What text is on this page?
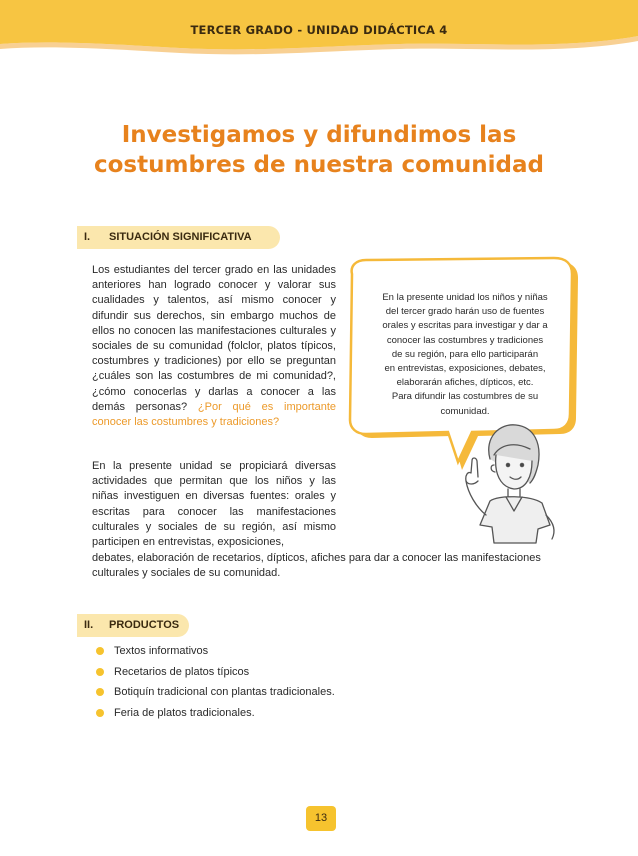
TERCER GRADO - UNIDAD DIDÁCTICA 4
Investigamos y difundimos las
costumbres de nuestra comunidad
I. SITUACIÓN SIGNIFICATIVA
Los estudiantes del tercer grado en las unidades anteriores han logrado conocer y valorar sus cualidades y talentos, así mismo conocer y difundir sus derechos, sin embargo muchos de ellos no conocen las manifestaciones culturales y sociales de su comunidad (folclor, platos típicos, costumbres y tradiciones) por ello se preguntan ¿cuáles son las costumbres de mi comunidad?, ¿cómo conocerlas y darlas a conocer a las demás personas? ¿Por qué es importante conocer las costumbres y tradiciones?
En la presente unidad se propiciará diversas actividades que permitan que los niños y las niñas investiguen en diversas fuentes: orales y escritas para conocer las manifestaciones culturales y sociales de su región, así mismo participen en entrevistas, exposiciones,
debates, elaboración de recetarios, dípticos, afiches para dar a conocer las manifestaciones culturales y sociales de su comunidad.
En la presente unidad los niños y niñas
del tercer grado harán uso de fuentes
orales y escritas para investigar y dar a
conocer las costumbres y tradiciones
de su región, para ello participarán
en entrevistas, exposiciones, debates,
elaborarán afiches, dípticos, etc.
Para difundir las costumbres de su
comunidad.
II. PRODUCTOS
Textos informativos
Recetarios de platos típicos
Botiquín tradicional con plantas tradicionales.
Feria de platos tradicionales.
13
